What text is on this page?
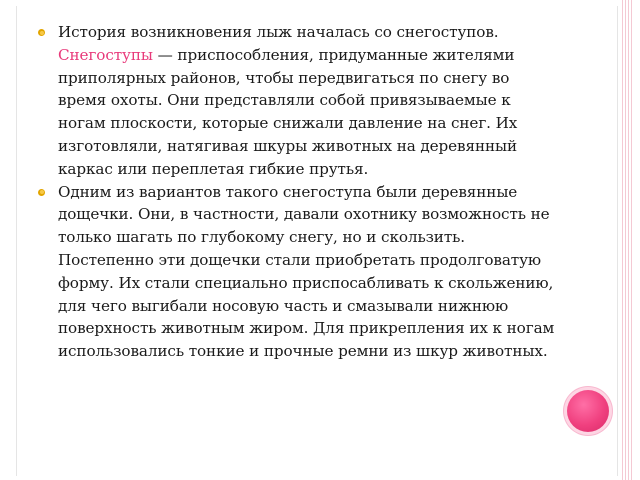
История возникновения лыж началась со снегоступов. Снегоступы — приспособления, придуманные жителями приполярных районов, чтобы передвигаться по снегу во время охоты. Они представляли собой привязываемые к ногам плоскости, которые снижали давление на снег. Их изготовляли, натягивая шкуры животных на деревянный каркас или переплетая гибкие прутья.
Одним из вариантов такого снегоступа были деревянные дощечки. Они, в частности, давали охотнику возможность не только шагать по глубокому снегу, но и скользить. Постепенно эти дощечки стали приобретать продолговатую форму. Их стали специально приспосабливать к скольжению, для чего выгибали носовую часть и смазывали нижнюю поверхность животным жиром. Для прикрепления их к ногам использовались тонкие и прочные ремни из шкур животных.
